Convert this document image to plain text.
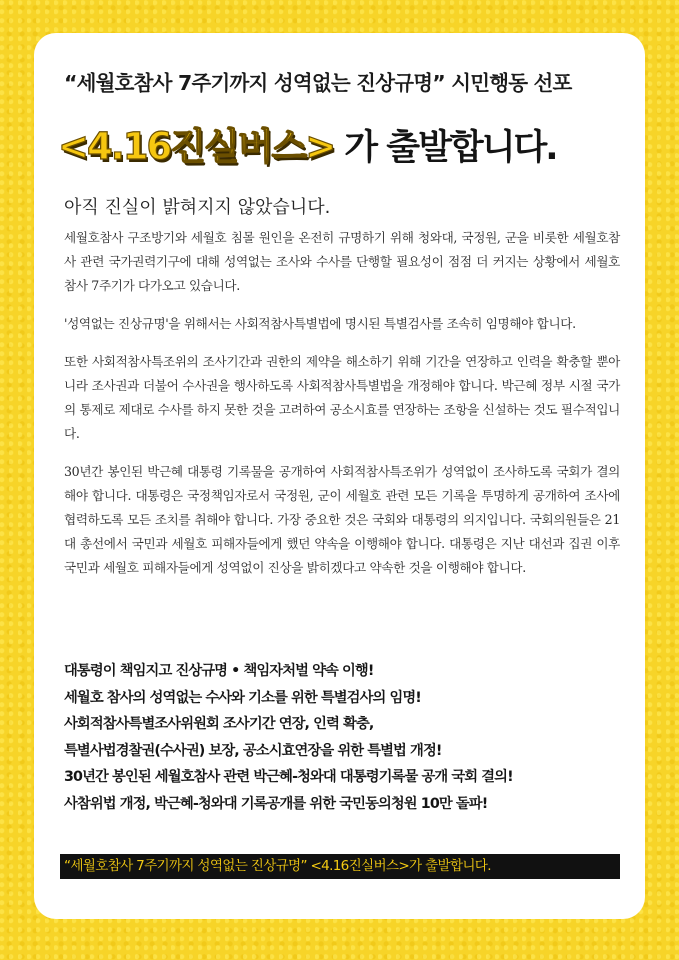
“세월호참사 7주기까지 성역없는 진상규명” 시민행동 선포
<4.16진실버스> 가 출발합니다.
아직 진실이 밝혀지지 않았습니다.

세월호참사 구조방기와 세월호 침몰 원인을 온전히 규명하기 위해 청와대, 국정원, 군을 비롯한 세월호참사 관련 국가권력기구에 대해 성역없는 조사와 수사를 단행할 필요성이 점점 더 커지는 상황에서 세월호 참사 7주기가 다가오고 있습니다.

'성역없는 진상규명'을 위해서는 사회적참사특별법에 명시된 특별검사를 조속히 임명해야 합니다.

또한 사회적참사특조위의 조사기간과 권한의 제약을 해소하기 위해 기간을 연장하고 인력을 확충할 뿐아니라 조사권과 더불어 수사권을 행사하도록 사회적참사특별법을 개정해야 합니다. 박근혜 정부 시절 국가의 통제로 제대로 수사를 하지 못한 것을 고려하여 공소시효를 연장하는 조항을 신설하는 것도 필수적입니다.

30년간 봉인된 박근혜 대통령 기록물을 공개하여 사회적참사특조위가 성역없이 조사하도록 국회가 결의해야 합니다. 대통령은 국정책임자로서 국정원, 군이 세월호 관련 모든 기록을 투명하게 공개하여 조사에 협력하도록 모든 조치를 취해야 합니다. 가장 중요한 것은 국회와 대통령의 의지입니다. 국회의원들은 21대 총선에서 국민과 세월호 피해자들에게 했던 약속을 이행해야 합니다. 대통령은 지난 대선과 집권 이후 국민과 세월호 피해자들에게 성역없이 진상을 밝히겠다고 약속한 것을 이행해야 합니다.

대통령이 책임지고 진상규명 • 책임자처벌 약속 이행!
세월호 참사의 성역없는 수사와 기소를 위한 특별검사의 임명!
사회적참사특별조사위원회 조사기간 연장, 인력 확충,
특별사법경찰권(수사권) 보장, 공소시효연장을 위한 특별법 개정!
30년간 봉인된 세월호참사 관련 박근혜-청와대 대통령기록물 공개 국회 결의!
사참위법 개정, 박근혜-청와대 기록공개를 위한 국민동의청원 10만 돌파!
“세월호참사 7주기까지 성역없는 진상규명” <4.16진실버스>가 출발합니다.
